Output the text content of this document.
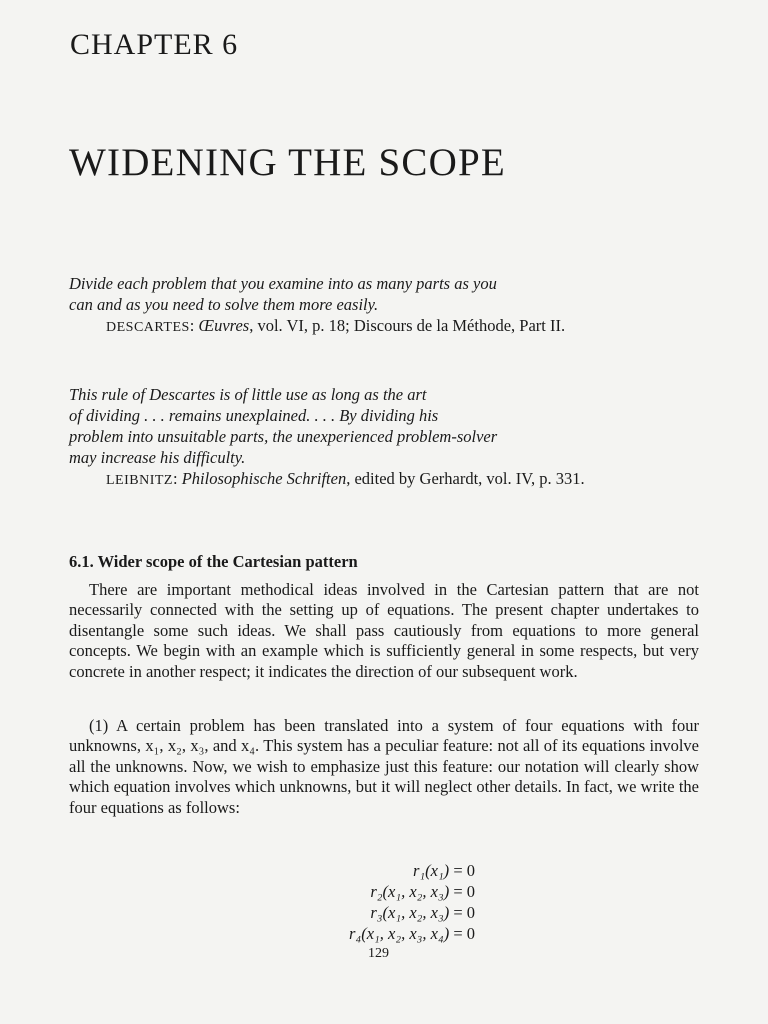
CHAPTER 6
WIDENING THE SCOPE
Divide each problem that you examine into as many parts as you
can and as you need to solve them more easily.
DESCARTES: Œuvres, vol. VI, p. 18; Discours de la Méthode, Part II.
This rule of Descartes is of little use as long as the art
of dividing . . . remains unexplained. . . . By dividing his
problem into unsuitable parts, the unexperienced problem-solver
may increase his difficulty.
LEIBNITZ: Philosophische Schriften, edited by Gerhardt, vol. IV, p. 331.
6.1. Wider scope of the Cartesian pattern

There are important methodical ideas involved in the Cartesian pattern that are not necessarily connected with the setting up of equations. The present chapter undertakes to disentangle some such ideas. We shall pass cautiously from equations to more general concepts. We begin with an example which is sufficiently general in some respects, but very concrete in another respect; it indicates the direction of our subsequent work.

(1) A certain problem has been translated into a system of four equations with four unknowns, x₁, x₂, x₃, and x₄. This system has a peculiar feature: not all of its equations involve all the unknowns. Now, we wish to emphasize just this feature: our notation will clearly show which equation involves which unknowns, but it will neglect other details. In fact, we write the four equations as follows:

r₁(x₁) = 0
r₂(x₁, x₂, x₃) = 0
r₃(x₁, x₂, x₃) = 0
r₄(x₁, x₂, x₃, x₄) = 0
129
